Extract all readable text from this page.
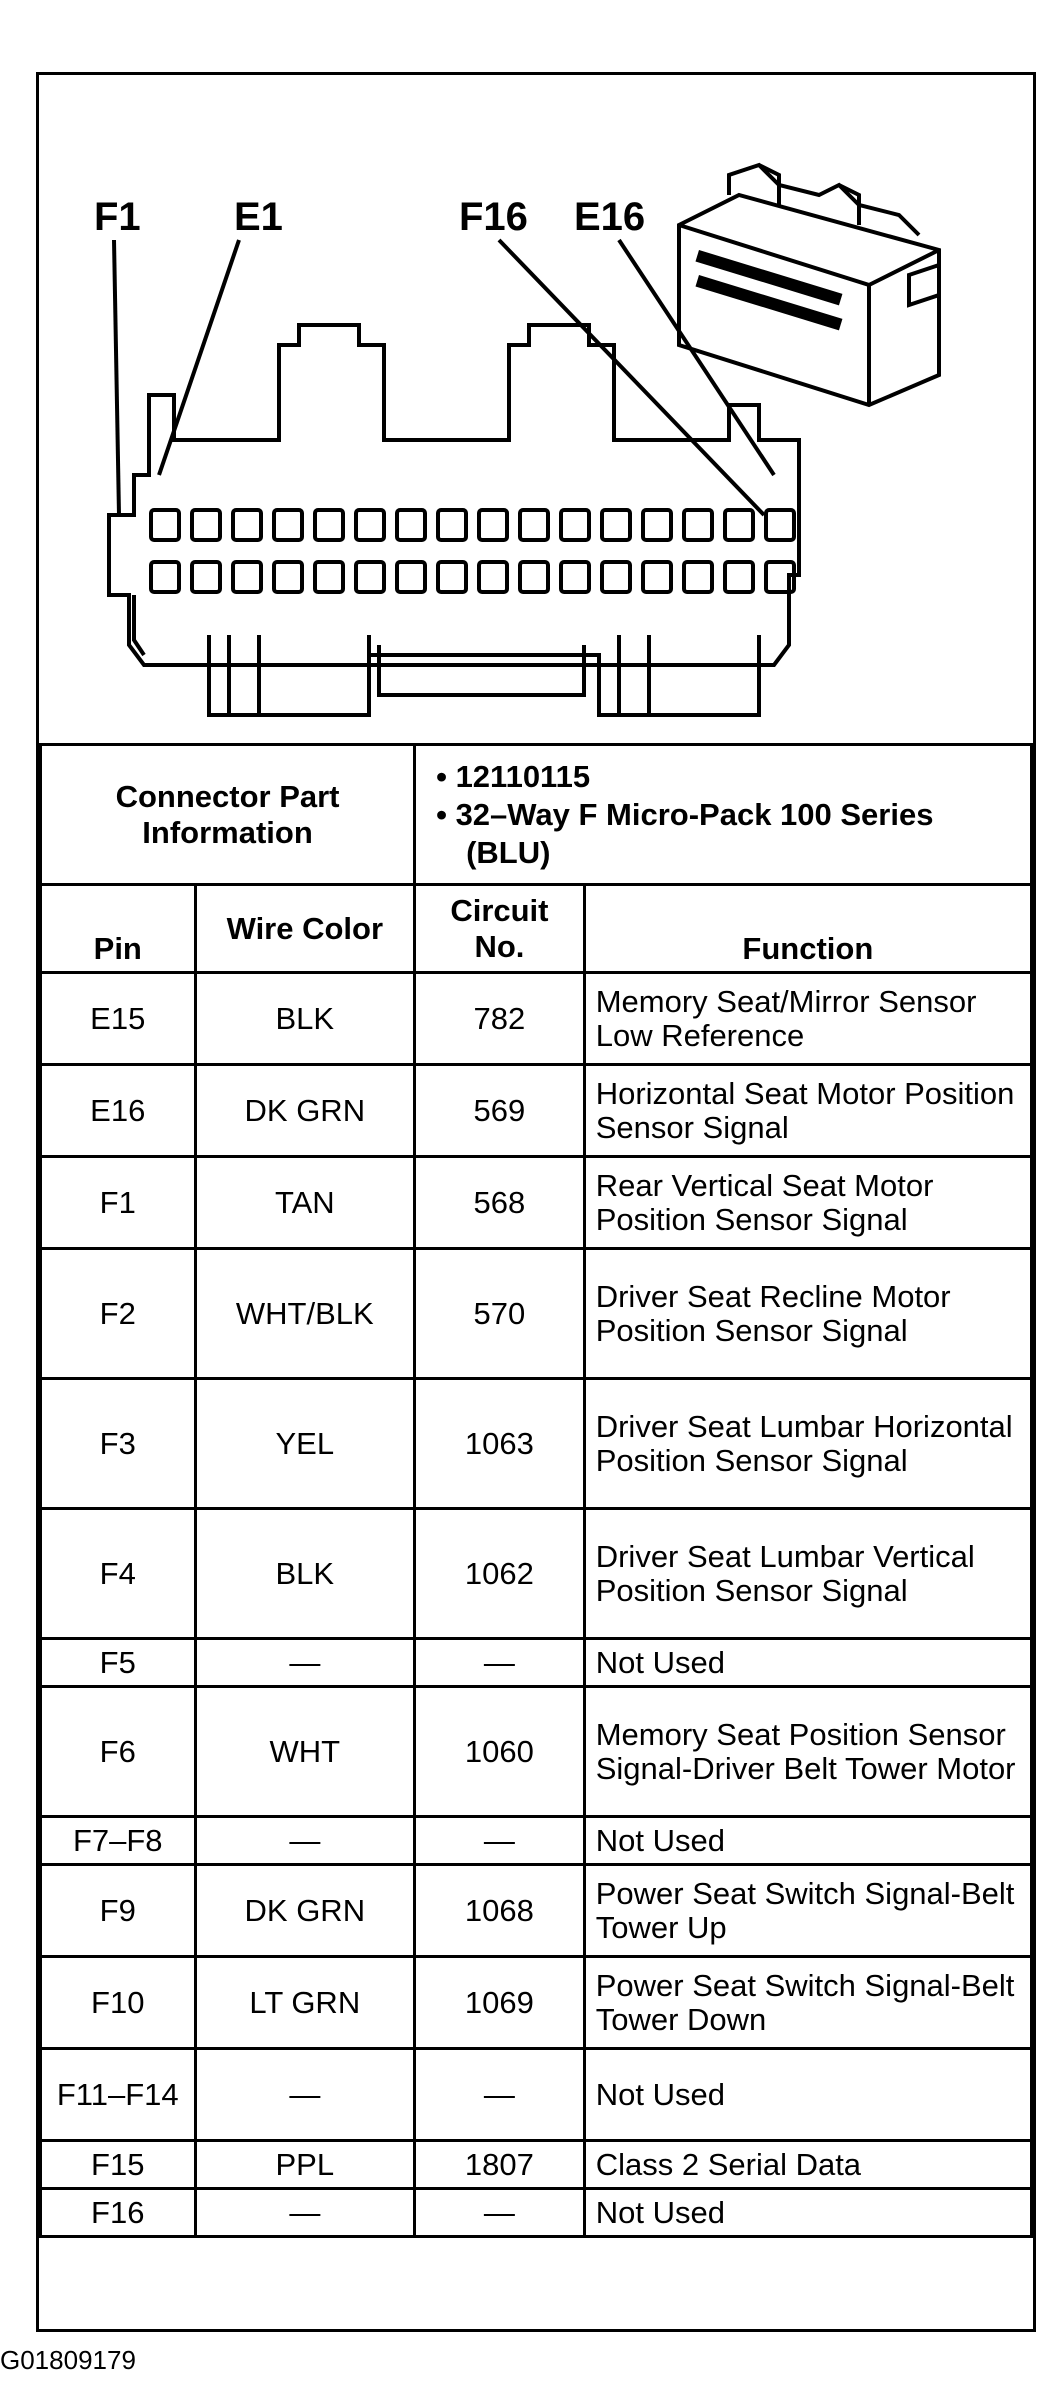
F1 E1	F16 E16
Connector Part Information		• 12110115
• 32–Way F Micro-Pack 100 Series (BLU)	

Pin	Wire Color	Circuit No.	Function
E15	BLK	782	Memory Seat/Mirror Sensor Low Reference
E16	DK GRN	569	Horizontal Seat Motor Position Sensor Signal
F1	TAN	568	Rear Vertical Seat Motor Position Sensor Signal
F2	WHT/BLK	570	Driver Seat Recline Motor Position Sensor Signal
F3	YEL	1063	Driver Seat Lumbar Horizontal Position Sensor Signal
F4	BLK	1062	Driver Seat Lumbar Vertical Position Sensor Signal
F5	—	—	Not Used
F6	WHT	1060	Memory Seat Position Sensor Signal-Driver Belt Tower Motor
F7–F8	—	—	Not Used
F9	DK GRN	1068	Power Seat Switch Signal-Belt Tower Up
F10	LT GRN	1069	Power Seat Switch Signal-Belt Tower Down
F11–F14	—	—	Not Used
F15	PPL	1807	Class 2 Serial Data
F16	—	—	Not Used
G01809179
